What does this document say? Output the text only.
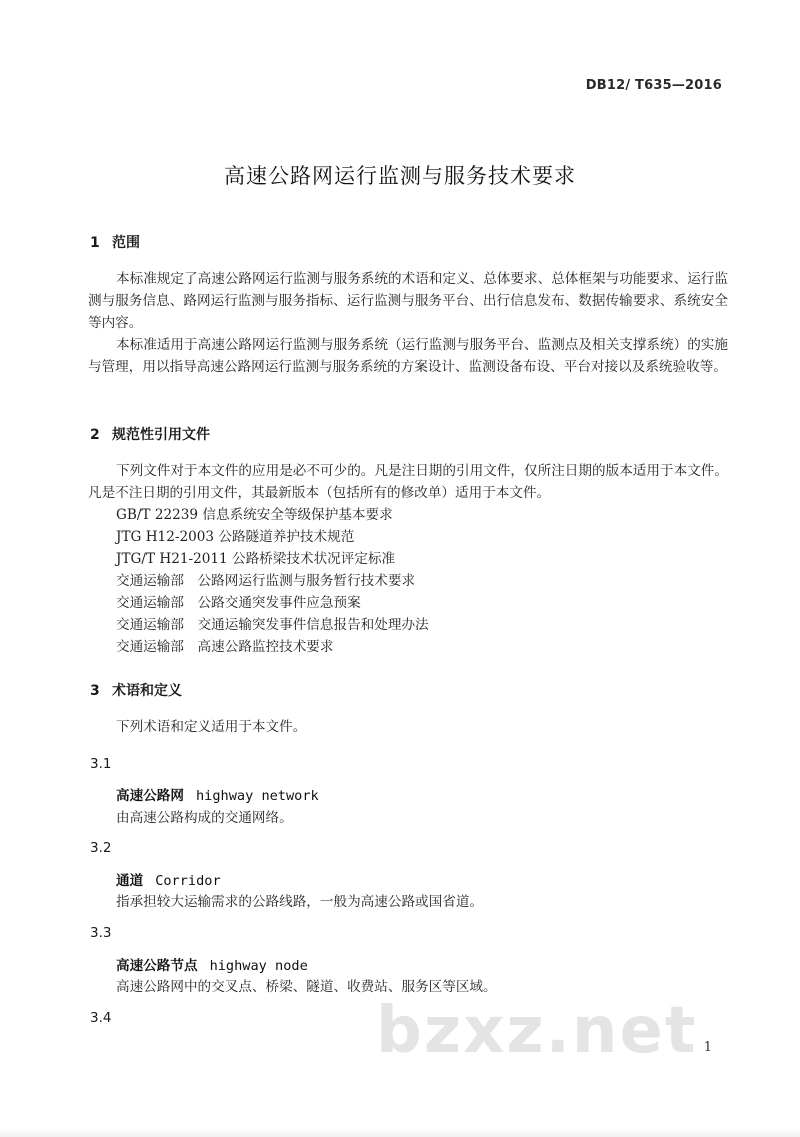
DB12/ T635—2016
高速公路网运行监测与服务技术要求
1 范围

本标准规定了高速公路网运行监测与服务系统的术语和定义、总体要求、总体框架与功能要求、运行监测与服务信息、路网运行监测与服务指标、运行监测与服务平台、出行信息发布、数据传输要求、系统安全等内容。

本标准适用于高速公路网运行监测与服务系统（运行监测与服务平台、监测点及相关支撑系统）的实施与管理，用以指导高速公路网运行监测与服务系统的方案设计、监测设备布设、平台对接以及系统验收等。

2 规范性引用文件

下列文件对于本文件的应用是必不可少的。凡是注日期的引用文件，仅所注日期的版本适用于本文件。凡是不注日期的引用文件，其最新版本（包括所有的修改单）适用于本文件。

GB/T 22239 信息系统安全等级保护基本要求
JTG H12-2003 公路隧道养护技术规范
JTG/T H21-2011 公路桥梁技术状况评定标准
交通运输部　公路网运行监测与服务暂行技术要求
交通运输部　公路交通突发事件应急预案
交通运输部　交通运输突发事件信息报告和处理办法
交通运输部　高速公路监控技术要求
3 术语和定义

下列术语和定义适用于本文件。

3.1
高速公路网 highway network
由高速公路构成的交通网络。
3.2
通道 Corridor
指承担较大运输需求的公路线路，一般为高速公路或国省道。
3.3
高速公路节点 highway node
高速公路网中的交叉点、桥梁、隧道、收费站、服务区等区域。
3.4	bzxz.net 1
